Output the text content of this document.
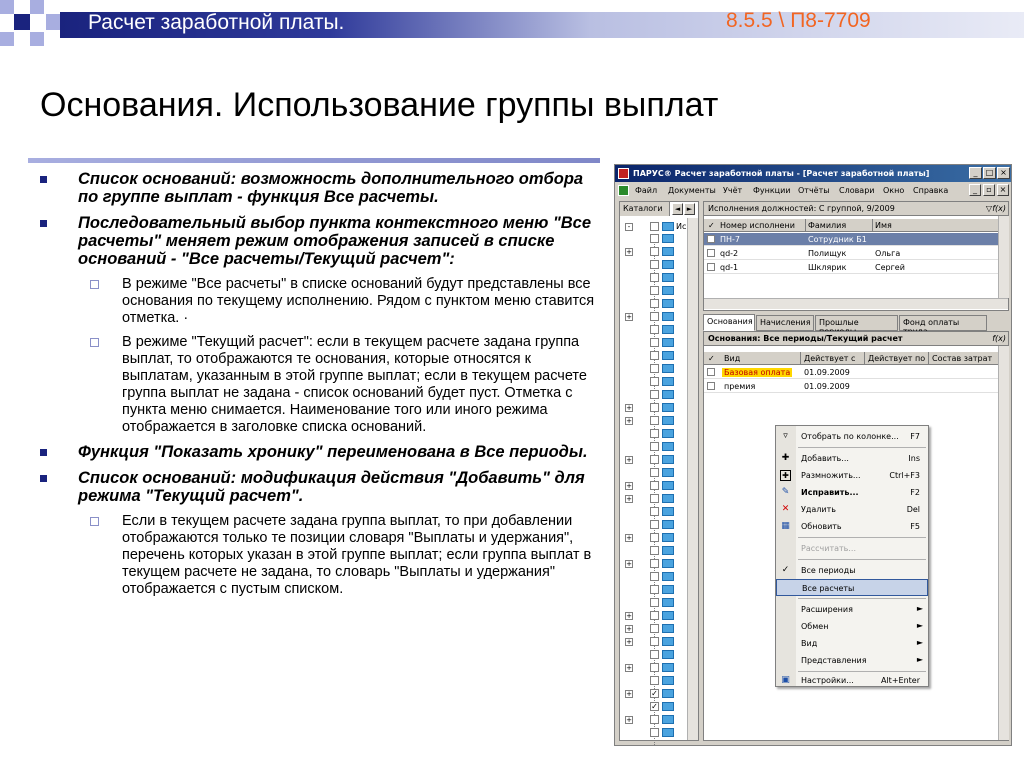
Расчет заработной платы.	8.5.5 \ П8-7709
Основания. Использование группы выплат
Список оснований: возможность дополнительного отбора по группе выплат - функция Все расчеты.
Последовательный выбор пункта контекстного меню "Все расчеты" меняет режим отображения записей в списке оснований - "Все расчеты/Текущий расчет":
В режиме "Все расчеты" в списке оснований будут представлены все основания по текущему исполнению. Рядом с пунктом меню ставится отметка. ·
В режиме "Текущий расчет": если в текущем расчете задана группа выплат, то отображаются те основания, которые относятся к выплатам, указанным в этой группе выплат; если в текущем расчете группа выплат не задана - список оснований будет пуст. Отметка с пункта меню снимается. Наименование того или иного режима отображается в заголовке списка оснований.
Функция "Показать хронику" переименована в Все периоды.
Список оснований: модификация действия "Добавить" для режима "Текущий расчет".
Если в текущем расчете задана группа выплат, то при добавлении отображаются только те позиции словаря "Выплаты и удержания", перечень которых указан в этой группе выплат; если группа выплат в текущем расчете не задана, то словарь "Выплаты и удержания" отображается с пустым списком.
ПАРУС® Расчет заработной платы - [Расчет заработной платы]	_	□ ×
Файл Документы Учёт Функции Отчёты Словари Окно Справка	_	▫ ×
Каталоги	◄ ►
-	Ис
+
+
+
+
+
+
+
+
+
+
+
+
+
+ ✓
✓
+
Исполнения должностей: С группой, 9/2009	▽ f(x)
✓ Номер исполнени Фамилия	Имя
ПН-7	Сотрудник Б1
qd-2	Полищук	Ольга
qd-1	Шклярик	Сергей
Основания Начисления	Прошлые	Фонд оплаты
Основания: Все периоды/Текущий расчет	f(x)
✓ Вид	Действует с Действует по Состав затрат
Базовая оплата 01.09.2009
премия	01.09.2009
▿	Отобрать по колонке... F7
✚ Добавить...	Ins
✚ Размножить...	Ctrl+F3
✎ Исправить...	F2
✕ Удалить	Del
▦ Обновить	F5
Рассчитать...
✓ Все периоды
Все расчеты
Расширения	►
Обмен	►
Вид	►
Представления	►
▣ Настройки...	Alt+Enter
